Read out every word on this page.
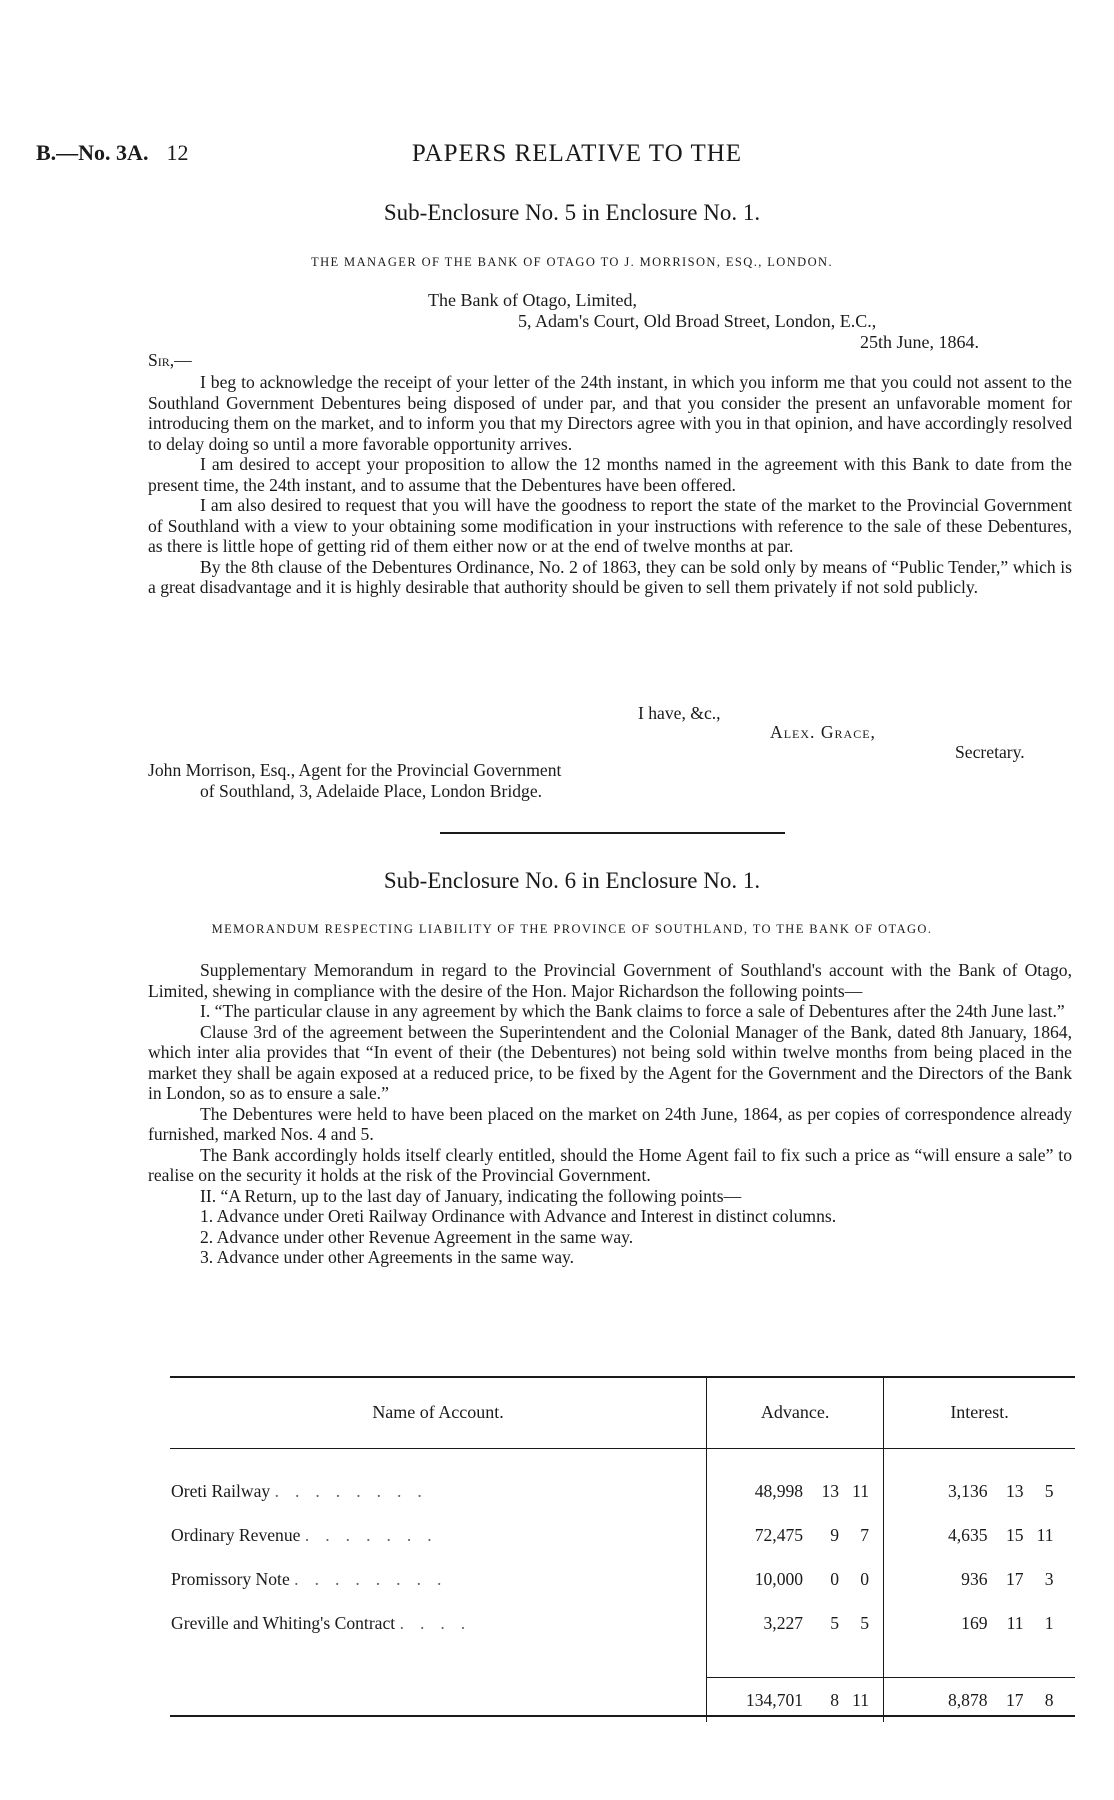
B.—No. 3A. 12	PAPERS RELATIVE TO THE
Sub-Enclosure No. 5 in Enclosure No. 1.
THE MANAGER OF THE BANK OF OTAGO TO J. MORRISON, ESQ., LONDON.
The Bank of Otago, Limited,
5, Adam's Court, Old Broad Street, London, E.C.,
25th June, 1864.
Sir,—

I beg to acknowledge the receipt of your letter of the 24th instant, in which you inform me that you could not assent to the Southland Government Debentures being disposed of under par, and that you consider the present an unfavorable moment for introducing them on the market, and to inform you that my Directors agree with you in that opinion, and have accordingly resolved to delay doing so until a more favorable opportunity arrives.

I am desired to accept your proposition to allow the 12 months named in the agreement with this Bank to date from the present time, the 24th instant, and to assume that the Debentures have been offered.

I am also desired to request that you will have the goodness to report the state of the market to the Provincial Government of Southland with a view to your obtaining some modification in your instructions with reference to the sale of these Debentures, as there is little hope of getting rid of them either now or at the end of twelve months at par.

By the 8th clause of the Debentures Ordinance, No. 2 of 1863, they can be sold only by means of “Public Tender,” which is a great disadvantage and it is highly desirable that authority should be given to sell them privately if not sold publicly.

I have, &c.,
Alex. Grace,
Secretary.
John Morrison, Esq., Agent for the Provincial Government
of Southland, 3, Adelaide Place, London Bridge.
Sub-Enclosure No. 6 in Enclosure No. 1.
MEMORANDUM RESPECTING LIABILITY OF THE PROVINCE OF SOUTHLAND, TO THE BANK OF OTAGO.

Supplementary Memorandum in regard to the Provincial Government of Southland's account with the Bank of Otago, Limited, shewing in compliance with the desire of the Hon. Major Richardson the following points—

I. “The particular clause in any agreement by which the Bank claims to force a sale of Debentures after the 24th June last.”

Clause 3rd of the agreement between the Superintendent and the Colonial Manager of the Bank, dated 8th January, 1864, which inter alia provides that “In event of their (the Debentures) not being sold within twelve months from being placed in the market they shall be again exposed at a reduced price, to be fixed by the Agent for the Government and the Directors of the Bank in London, so as to ensure a sale.”

The Debentures were held to have been placed on the market on 24th June, 1864, as per copies of correspondence already furnished, marked Nos. 4 and 5.

The Bank accordingly holds itself clearly entitled, should the Home Agent fail to fix such a price as “will ensure a sale” to realise on the security it holds at the risk of the Provincial Government.

II. “A Return, up to the last day of January, indicating the following points—

1. Advance under Oreti Railway Ordinance with Advance and Interest in distinct columns.

2. Advance under other Revenue Agreement in the same way.

3. Advance under other Agreements in the same way.

Name of Account.	Advance.	Interest.

Oreti Railway ........	48,998 13 11	3,136 13 5
Ordinary Revenue .......	72,475 9 7	4,635 15 11
Promissory Note ........	10,000 0 0	936 17 3
Greville and Whiting's Contract ....	3,227 5 5	169 11 1

	134,701 8 11	8,878 17 8
